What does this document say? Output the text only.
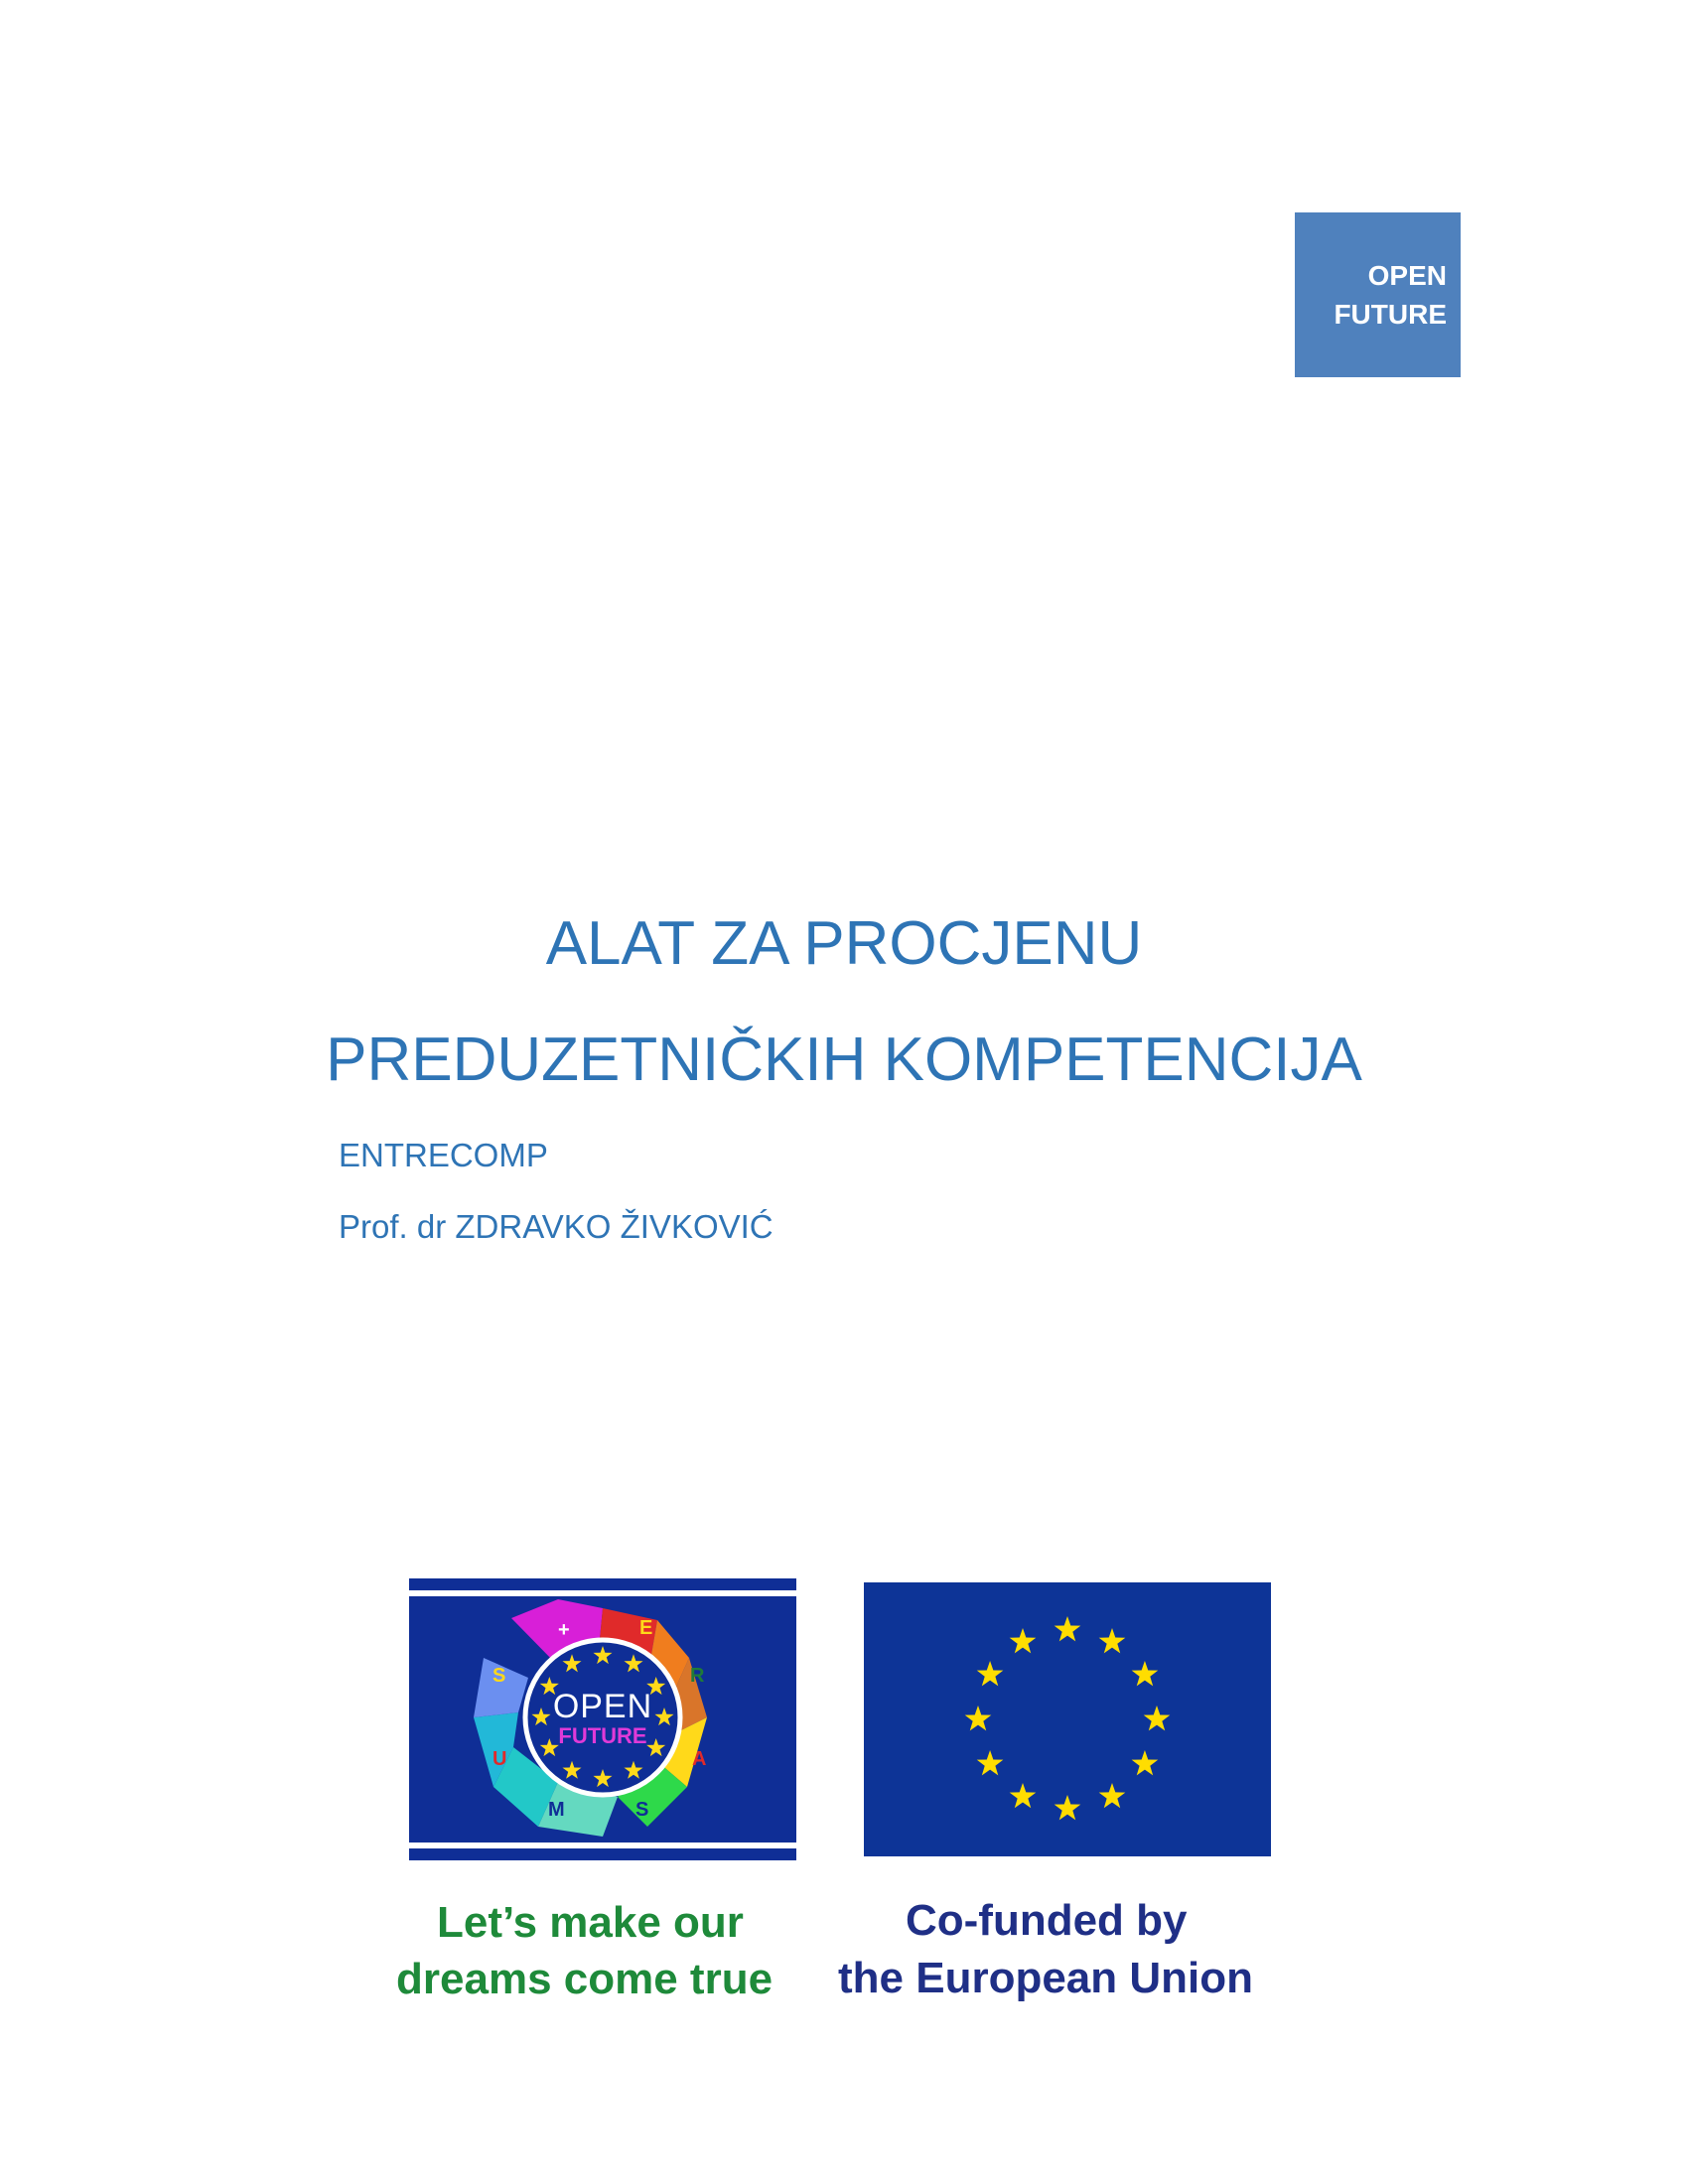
OPEN
FUTURE
ALAT ZA PROCJENU
PREDUZETNIČKIH KOMPETENCIJA
ENTRECOMP
Prof. dr ZDRAVKO ŽIVKOVIĆ
+	E
R
A
S
M
U
S
OPEN
FUTURE
Let’s make our
dreams come true
Co-funded by
the European Union
